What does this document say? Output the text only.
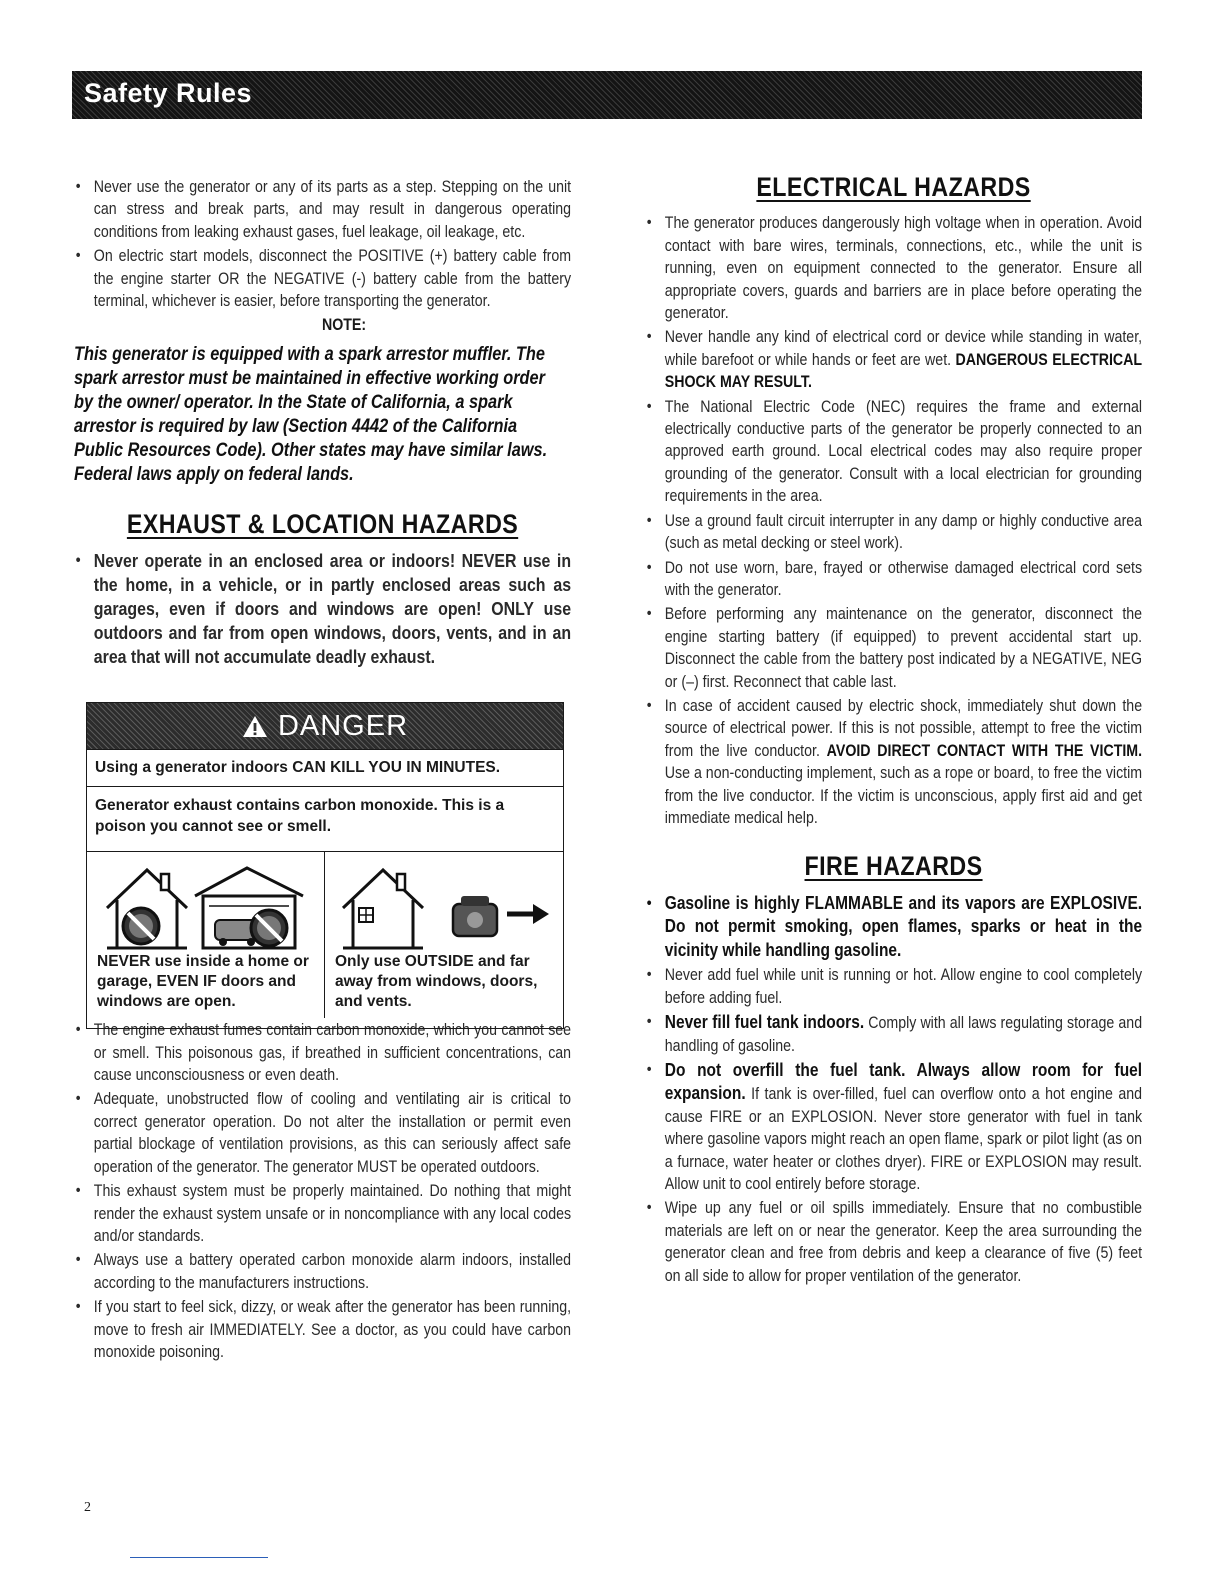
Safety Rules
• Never use the generator or any of its parts as a step. Stepping on the unit can stress and break parts, and may result in dangerous operating conditions from leaking exhaust gases, fuel leakage, oil leakage, etc.
• On electric start models, disconnect the POSITIVE (+) battery cable from the engine starter OR the NEGATIVE (-) battery cable from the battery terminal, whichever is easier, before transporting the generator.
NOTE:
This generator is equipped with a spark arrestor muffler. The spark arrestor must be maintained in effective working order by the owner/ operator. In the State of California, a spark arrestor is required by law (Section 4442 of the California Public Resources Code). Other states may have similar laws. Federal laws apply on federal lands.
EXHAUST & LOCATION HAZARDS
• Never operate in an enclosed area or indoors! NEVER use in the home, in a vehicle, or in partly enclosed areas such as garages, even if doors and windows are open! ONLY use outdoors and far from open windows, doors, vents, and in an area that will not accumulate deadly exhaust.
• The engine exhaust fumes contain carbon monoxide, which you cannot see or smell. This poisonous gas, if breathed in sufficient concentrations, can cause unconsciousness or even death.
• Adequate, unobstructed flow of cooling and ventilating air is critical to correct generator operation. Do not alter the installation or permit even partial blockage of ventilation provisions, as this can seriously affect safe operation of the generator. The generator MUST be operated outdoors.
• This exhaust system must be properly maintained. Do nothing that might render the exhaust system unsafe or in noncompliance with any local codes and/or standards.
• Always use a battery operated carbon monoxide alarm indoors, installed according to the manufacturers instructions.
• If you start to feel sick, dizzy, or weak after the generator has been running, move to fresh air IMMEDIATELY. See a doctor, as you could have carbon monoxide poisoning.
DANGER
Using a generator indoors CAN KILL YOU IN MINUTES.
Generator exhaust contains carbon monoxide. This is a poison you cannot see or smell.
NEVER use inside a home or garage, EVEN IF doors and windows are open.
Only use OUTSIDE and far away from windows, doors, and vents.
ELECTRICAL HAZARDS
• The generator produces dangerously high voltage when in operation. Avoid contact with bare wires, terminals, connections, etc., while the unit is running, even on equipment connected to the generator. Ensure all appropriate covers, guards and barriers are in place before operating the generator.
• Never handle any kind of electrical cord or device while standing in water, while barefoot or while hands or feet are wet. DANGEROUS ELECTRICAL SHOCK MAY RESULT.
• The National Electric Code (NEC) requires the frame and external electrically conductive parts of the generator be properly connected to an approved earth ground. Local electrical codes may also require proper grounding of the generator. Consult with a local electrician for grounding requirements in the area.
• Use a ground fault circuit interrupter in any damp or highly conductive area (such as metal decking or steel work).
• Do not use worn, bare, frayed or otherwise damaged electrical cord sets with the generator.
• Before performing any maintenance on the generator, disconnect the engine starting battery (if equipped) to prevent accidental start up. Disconnect the cable from the battery post indicated by a NEGATIVE, NEG or (–) first. Reconnect that cable last.
• In case of accident caused by electric shock, immediately shut down the source of electrical power. If this is not possible, attempt to free the victim from the live conductor. AVOID DIRECT CONTACT WITH THE VICTIM. Use a non-conducting implement, such as a rope or board, to free the victim from the live conductor. If the victim is unconscious, apply first aid and get immediate medical help.
FIRE HAZARDS
• Gasoline is highly FLAMMABLE and its vapors are EXPLOSIVE. Do not permit smoking, open flames, sparks or heat in the vicinity while handling gasoline.
• Never add fuel while unit is running or hot. Allow engine to cool completely before adding fuel.
• Never fill fuel tank indoors. Comply with all laws regulating storage and handling of gasoline.
• Do not overfill the fuel tank. Always allow room for fuel expansion. If tank is over-filled, fuel can overflow onto a hot engine and cause FIRE or an EXPLOSION. Never store generator with fuel in tank where gasoline vapors might reach an open flame, spark or pilot light (as on a furnace, water heater or clothes dryer). FIRE or EXPLOSION may result. Allow unit to cool entirely before storage.
• Wipe up any fuel or oil spills immediately. Ensure that no combustible materials are left on or near the generator. Keep the area surrounding the generator clean and free from debris and keep a clearance of five (5) feet on all side to allow for proper ventilation of the generator.
2
